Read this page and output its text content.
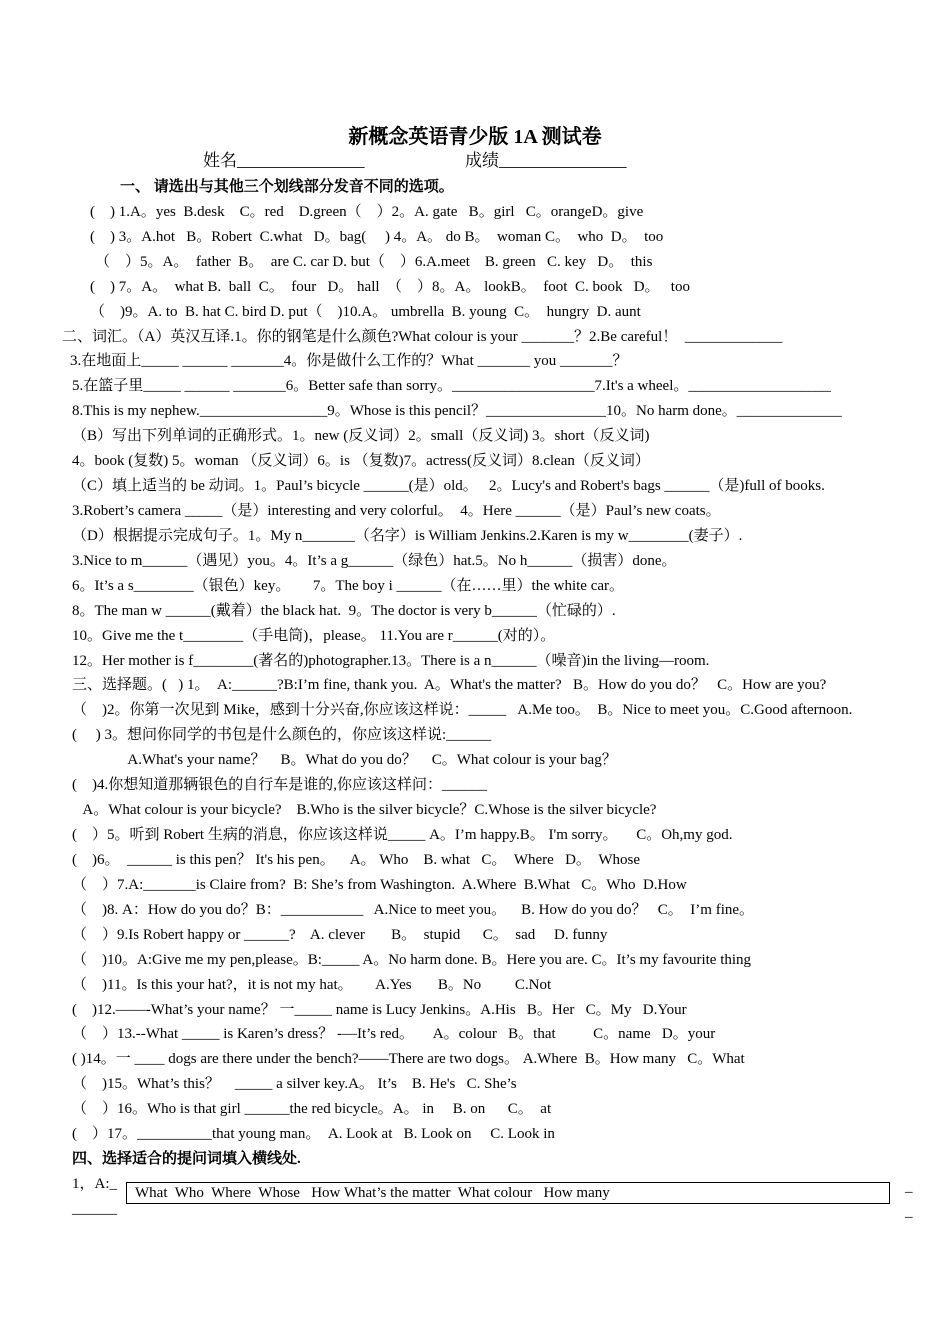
新概念英语青少版 1A 测试卷
姓名_______________	成绩_______________
一、 请选出与其他三个划线部分发音不同的选项。
(    ) 1.A。yes  B.desk    C。red    D.green（    ）2。A. gate   B。girl   C。orangeD。give
(    ) 3。A.hot   B。Robert  C.what   D。bag(     ) 4。A。 do B。  woman C。  who  D。  too
（    ）5。A。  father  B。  are C. car D. but（    ）6.A.meet    B. green   C. key   D。  this
(    ) 7。A。  what B.  ball  C。  four   D。 hall  （    ）8。A。 lookB。  foot  C. book   D。   too
（    )9。A. to  B. hat C. bird D. put（    )10.A。 umbrella  B. young  C。  hungry  D. aunt
二、词汇。（A）英汉互译.1。你的钢笔是什么颜色?What colour is your _______？2.Be careful！  _____________
3.在地面上_____ ______ _______4。你是做什么工作的？What _______ you _______？
5.在篮子里_____ ______ _______6。Better safe than sorry。___________________7.It's a wheel。___________________
8.This is my nephew._________________9。Whose is this pencil？________________10。No harm done。______________
（B）写出下列单词的正确形式。1。new (反义词）2。small（反义词) 3。short（反义词)
4。book (复数) 5。woman （反义词）6。is （复数)7。actress(反义词）8.clean（反义词）
（C）填上适当的 be 动词。1。Paul’s bicycle ______(是）old。   2。Lucy's and Robert's bags ______（是)full of books.
3.Robert’s camera _____（是）interesting and very colorful。  4。Here ______（是）Paul’s new coats。
（D）根据提示完成句子。1。My n_______（名字）is William Jenkins.2.Karen is my w________(妻子）.
3.Nice to m______（遇见）you。4。It’s a g______（绿色）hat.5。No h______（损害）done。
6。It’s a s________（银色）key。      7。The boy i ______（在……里）the white car。
8。The man w ______(戴着）the black hat.  9。The doctor is very b______（忙碌的）.
10。Give me the t________（手电筒)，please。 11.You are r______(对的）。
12。Her mother is f________(著名的)photographer.13。There is a n______（噪音)in the living—room.
三、选择题。(   ) 1。  A:______?B:I’m fine, thank you.  A。What's the matter?   B。How do you do？   C。How are you?
（    )2。你第一次见到 Mike，感到十分兴奋,你应该这样说：_____   A.Me too。  B。Nice to meet you。C.Good afternoon.
(     ) 3。想问你同学的书包是什么颜色的，你应该这样说:______
A.What's your name？    B。What do you do？    C。What colour is your bag？
(    )4.你想知道那辆银色的自行车是谁的,你应该这样问：______
A。What colour is your bicycle?    B.Who is the silver bicycle？C.Whose is the silver bicycle?
(    ）5。听到 Robert 生病的消息，你应该这样说_____ A。I’m happy.B。 I'm sorry。     C。Oh,my god.
(    )6。  ______ is this pen？ It's his pen。    A。 Who    B. what   C。  Where   D。  Whose
（    ）7.A:_______is Claire from?  B: She’s from Washington.  A.Where  B.What   C。Who  D.How
（    )8. A：How do you do？B：___________   A.Nice to meet you。    B. How do you do？   C。  I’m fine。
（    ）9.Is Robert happy or ______?    A. clever       B。  stupid      C。  sad     D. funny
（    )10。A:Give me my pen,please。B:_____ A。No harm done. B。Here you are. C。It’s my favourite thing
（    )11。Is this your hat?，it is not my hat。      A.Yes       B。No         C.Not
(    )12.——-What’s your name？ 一_____ name is Lucy Jenkins。A.His   B。Her   C。My   D.Your
（    ）13.--What _____ is Karen’s dress？ -—It’s red。     A。colour   B。that          C。name   D。your
( )14。一 ____ dogs are there under the bench?——There are two dogs。 A.Where  B。How many   C。What
（    )15。What’s this？    _____ a silver key.A。 It’s    B. He's   C. She’s
（    ）16。Who is that girl ______the red bicycle。A。 in     B. on      C。  at
(    ）17。__________that young man。  A. Look at   B. Look on     C. Look in
四、选择适合的提问词填入横线处.
1，A:_
______
What  Who  Where  Whose   How What’s the matter  What colour   How many	_
_
